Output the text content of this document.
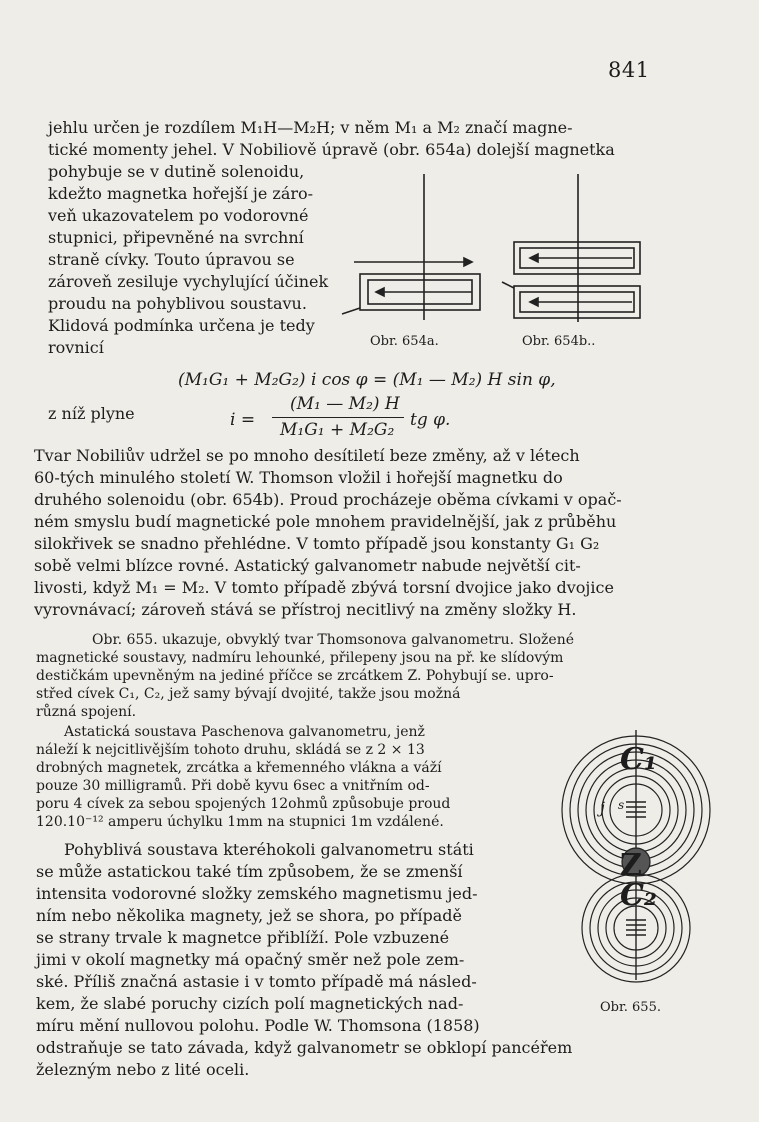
841
jehlu určen je rozdílem M₁H—M₂H; v něm M₁ a M₂ značí magne-
tické momenty jehel. V Nobiliově úpravě (obr. 654a) dolejší magnetka
pohybuje se v dutině solenoidu,
kdežto magnetka hořejší je záro-
veň ukazovatelem po vodorovné
stupnici, připevněné na svrchní
straně cívky. Touto úpravou se
zároveň zesiluje vychylující účinek
proudu na pohyblivou soustavu.
Klidová podmínka určena je tedy
rovnicí	Obr. 654a.	Obr. 654b..
(M₁G₁ + M₂G₂) i cos φ = (M₁ — M₂) H sin φ,
z níž plyne	i =
(M₁ — M₂) H
M₁G₁ + M₂G₂ tg φ.
Tvar Nobiliův udržel se po mnoho desítiletí beze změny, až v létech
60-tých minulého století W. Thomson vložil i hořejší magnetku do
druhého solenoidu (obr. 654b). Proud procházeje oběma cívkami v opač-
ném smyslu budí magnetické pole mnohem pravidelnější, jak z průběhu
silokřivek se snadno přehlédne. V tomto případě jsou konstanty G₁ G₂
sobě velmi blízce rovné. Astatický galvanometr nabude největší cit-
livosti, když M₁ = M₂. V tomto případě zbývá torsní dvojice jako dvojice
vyrovnávací; zároveň stává se přístroj necitlivý na změny složky H.
Obr. 655. ukazuje, obvyklý tvar Thomsonova galvanometru. Složené
magnetické soustavy, nadmíru lehounké, přilepeny jsou na př. ke slídovým
destičkám upevněným na jediné příčce se zrcátkem Z. Pohybují se. upro-
střed cívek C₁, C₂, jež samy bývají dvojité, takže jsou možná
různá spojení.
Astatická soustava Paschenova galvanometru, jenž
náleží k nejcitlivějším tohoto druhu, skládá se z 2 × 13
drobných magnetek, zrcátka a křemenného vlákna a váží
pouze 30 milligramů. Při době kyvu 6sec a vnitřním od-
poru 4 cívek za sebou spojených 12ohmů způsobuje proud
120.10⁻¹² amperu úchylku 1mm na stupnici 1m vzdálené.
Pohyblivá soustava kteréhokoli galvanometru státi
se může astatickou také tím způsobem, že se zmenší
intensita vodorovné složky zemského magnetismu jed-
ním nebo několika magnety, jež se shora, po případě
se strany trvale k magnetce přiblíží. Pole vzbuzené
jimi v okolí magnetky má opačný směr než pole zem-
ské. Příliš značná astasie i v tomto případě má násled-
kem, že slabé poruchy cizích polí magnetických nad-
míru mění nullovou polohu. Podle W. Thomsona (1858)
odstraňuje se tato závada, když galvanometr se obklopí pancéřem
železným nebo z lité oceli.
C₁
Z
C₂
j s
Obr. 655.
